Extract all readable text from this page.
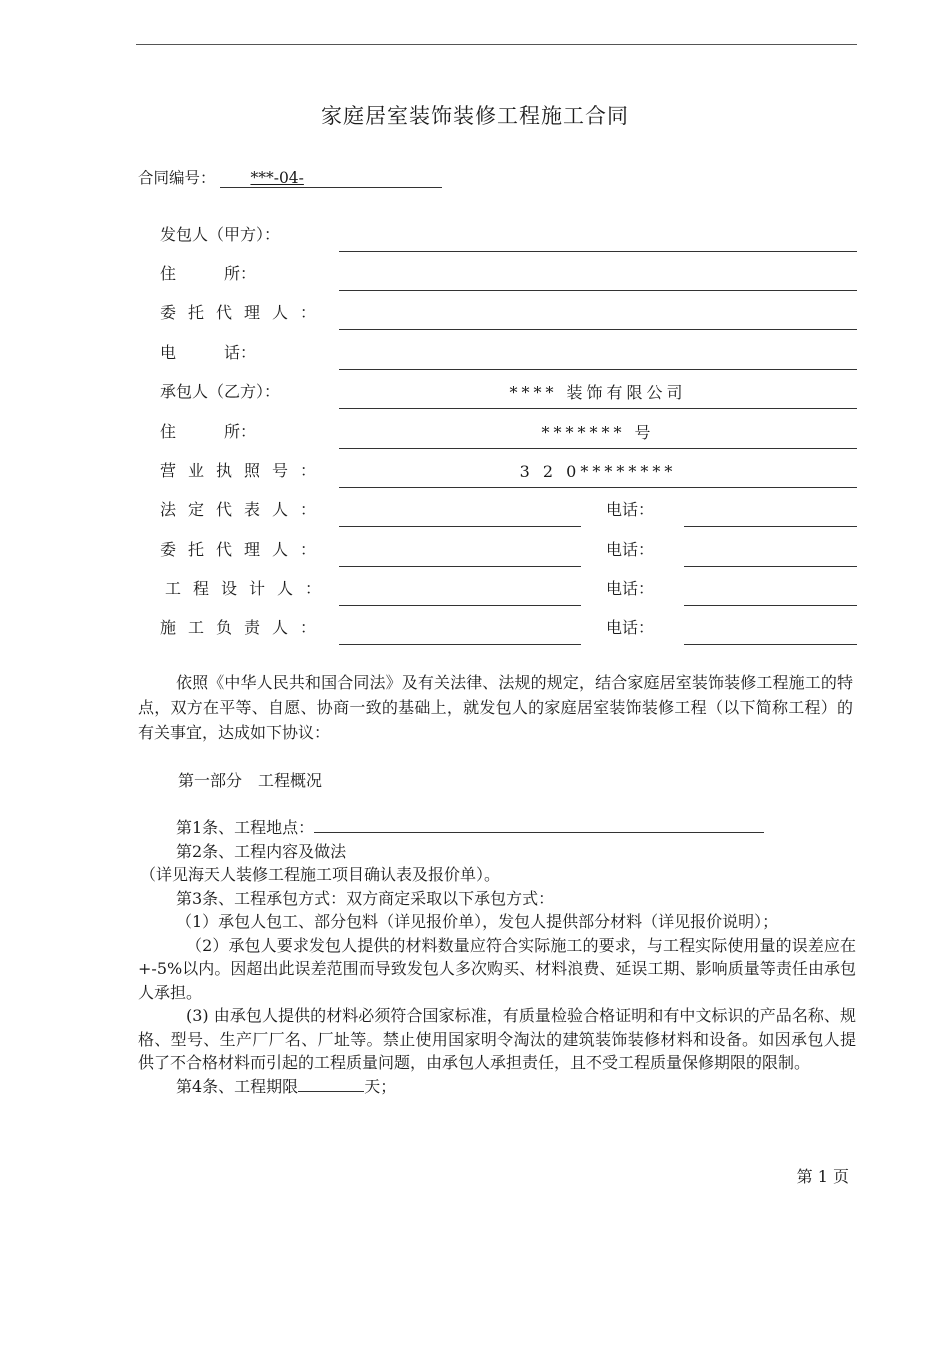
家庭居室装饰装修工程施工合同
合同编号： ***-04-
发包人（甲方）：
住　　　所：
委托代理人：
电　　　话：
承包人（乙方）：	**** 装饰有限公司
住　　　所：	******* 号
营业执照号：	3 2 0********
法定代表人：	电话：
委托代理人：	电话：
工程设计人：	电话：
施工负责人：	电话：
依照《中华人民共和国合同法》及有关法律、法规的规定，结合家庭居室装饰装修工程施工的特点，双方在平等、自愿、协商一致的基础上，就发包人的家庭居室装饰装修工程（以下简称工程）的有关事宜，达成如下协议：
第一部分　工程概况
第1条、工程地点：
第2条、工程内容及做法
（详见海天人装修工程施工项目确认表及报价单）。
第3条、工程承包方式：双方商定采取以下承包方式：
（1）承包人包工、部分包料（详见报价单），发包人提供部分材料（详见报价说明）；
（2）承包人要求发包人提供的材料数量应符合实际施工的要求，与工程实际使用量的误差应在+-5%以内。因超出此误差范围而导致发包人多次购买、材料浪费、延误工期、影响质量等责任由承包人承担。
(3) 由承包人提供的材料必须符合国家标准，有质量检验合格证明和有中文标识的产品名称、规格、型号、生产厂厂名、厂址等。禁止使用国家明令淘汰的建筑装饰装修材料和设备。如因承包人提供了不合格材料而引起的工程质量问题，由承包人承担责任，且不受工程质量保修期限的限制。
第4条、工程期限	天；
第 1 页
